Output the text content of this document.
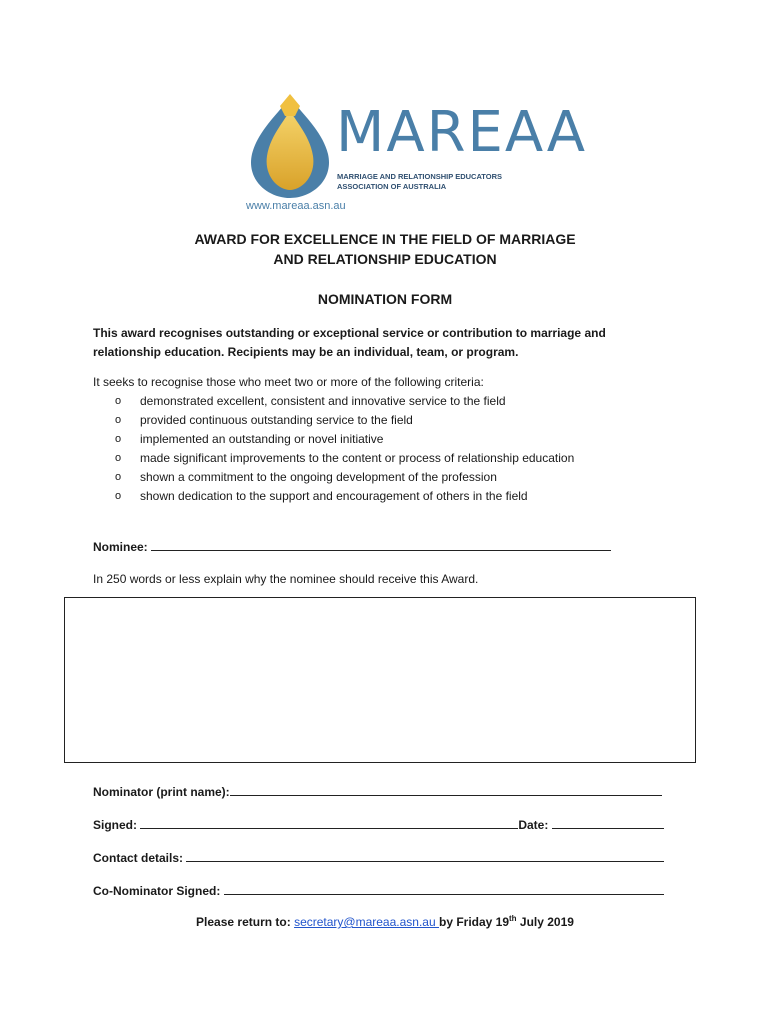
MAREAA
MARRIAGE AND RELATIONSHIP EDUCATORS
ASSOCIATION OF AUSTRALIA
www.mareaa.asn.au
AWARD FOR EXCELLENCE IN THE FIELD OF MARRIAGE
AND RELATIONSHIP EDUCATION
NOMINATION FORM
This award recognises outstanding or exceptional service or contribution to marriage and
relationship education. Recipients may be an individual, team, or program.
It seeks to recognise those who meet two or more of the following criteria:
o demonstrated excellent, consistent and innovative service to the field
o provided continuous outstanding service to the field
o implemented an outstanding or novel initiative
o made significant improvements to the content or process of relationship education
o shown a commitment to the ongoing development of the profession
o shown dedication to the support and encouragement of others in the field
Nominee:
In 250 words or less explain why the nominee should receive this Award.
Nominator (print name):
Signed:	Date:
Contact details:
Co-Nominator Signed:
Please return to: secretary@mareaa.asn.au by Friday 19th July 2019
